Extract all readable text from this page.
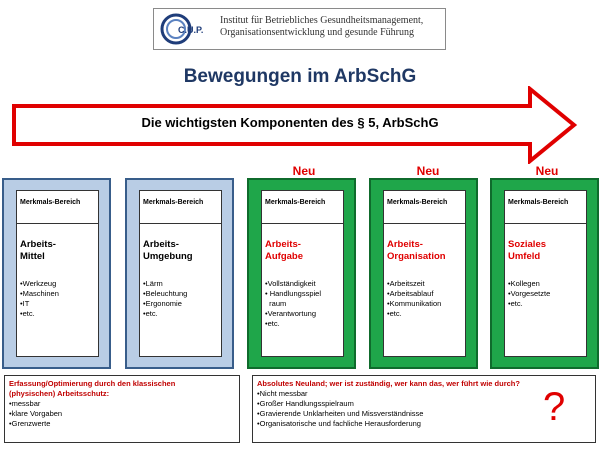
C.U.P.
Institut für Betriebliches Gesundheitsmanagement,
Organisationsentwicklung und gesunde Führung
Bewegungen im ArbSchG
Die wichtigsten Komponenten des § 5, ArbSchG
Neu	Neu	Neu
Merkmals-Bereich
Arbeits-
Mittel
•Werkzeug
•Maschinen
•IT
•etc.
Merkmals-Bereich
Arbeits-
Umgebung
•Lärm
•Beleuchtung
•Ergonomie
•etc.
Merkmals-Bereich
Arbeits-
Aufgabe
•Vollständigkeit
• Handlungsspiel
raum
•Verantwortung
•etc.
Merkmals-Bereich
Arbeits-
Organisation
•Arbeitszeit
•Arbeitsablauf
•Kommunikation
•etc.
Merkmals-Bereich
Soziales
Umfeld
•Kollegen
•Vorgesetzte
•etc.
Erfassung/Optimierung durch den klassischen
(physischen) Arbeitsschutz:
•messbar
•klare Vorgaben
•Grenzwerte
Absolutes Neuland; wer ist zuständig, wer kann das, wer führt wie durch?
•Nicht messbar
•Großer Handlungsspielraum
•Gravierende Unklarheiten und Missverständnisse
•Organisatorische und fachliche Herausforderung	?
